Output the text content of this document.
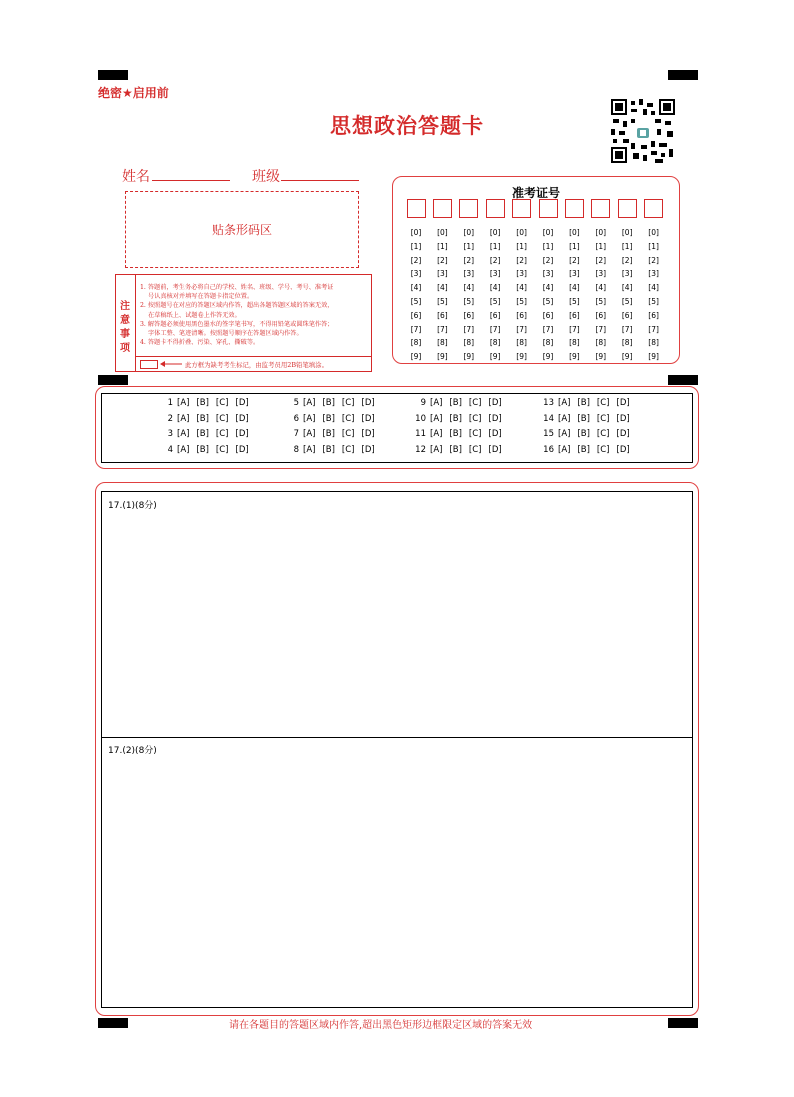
绝密★启用前
思想政治答题卡
姓名	班级
贴条形码区
注
意
事
项
1. 答题前，考生务必将自己的学校、姓名、班级、学号、考号、准考证
号认真核对并填写在答题卡指定位置。
2. 按照题号在对应的答题区域内作答，超出各题答题区域的答案无效，
在草稿纸上、试题卷上作答无效。
3. 解答题必须使用黑色墨水的签字笔书写，不得用铅笔或圆珠笔作答；
字体工整、笔迹清晰。按照题号顺序在答题区域内作答。
4. 答题卡不得折叠、污染、穿孔、撕破等。
此方框为缺考考生标记，由监考员用2B铅笔填涂。
准考证号
[0]
[1]
[2]
[3]
[4]
[5]
[6]
[7]
[8]
[9]
[0]
[1]
[2]
[3]
[4]
[5]
[6]
[7]
[8]
[9]
[0]
[1]
[2]
[3]
[4]
[5]
[6]
[7]
[8]
[9]
[0]
[1]
[2]
[3]
[4]
[5]
[6]
[7]
[8]
[9]
[0]
[1]
[2]
[3]
[4]
[5]
[6]
[7]
[8]
[9]
[0]
[1]
[2]
[3]
[4]
[5]
[6]
[7]
[8]
[9]
[0]
[1]
[2]
[3]
[4]
[5]
[6]
[7]
[8]
[9]
[0]
[1]
[2]
[3]
[4]
[5]
[6]
[7]
[8]
[9]
[0]
[1]
[2]
[3]
[4]
[5]
[6]
[7]
[8]
[9]
[0]
[1]
[2]
[3]
[4]
[5]
[6]
[7]
[8]
[9]
1 [A] [B] [C] [D]
2 [A] [B] [C] [D]
3 [A] [B] [C] [D]
4 [A] [B] [C] [D]
5 [A] [B] [C] [D]
6 [A] [B] [C] [D]
7 [A] [B] [C] [D]
8 [A] [B] [C] [D]
9 [A] [B] [C] [D]
10 [A] [B] [C] [D]
11 [A] [B] [C] [D]
12 [A] [B] [C] [D]
13 [A] [B] [C] [D]
14 [A] [B] [C] [D]
15 [A] [B] [C] [D]
16 [A] [B] [C] [D]
17.(1)(8分)
17.(2)(8分)
请在各题目的答题区域内作答,超出黑色矩形边框限定区域的答案无效
